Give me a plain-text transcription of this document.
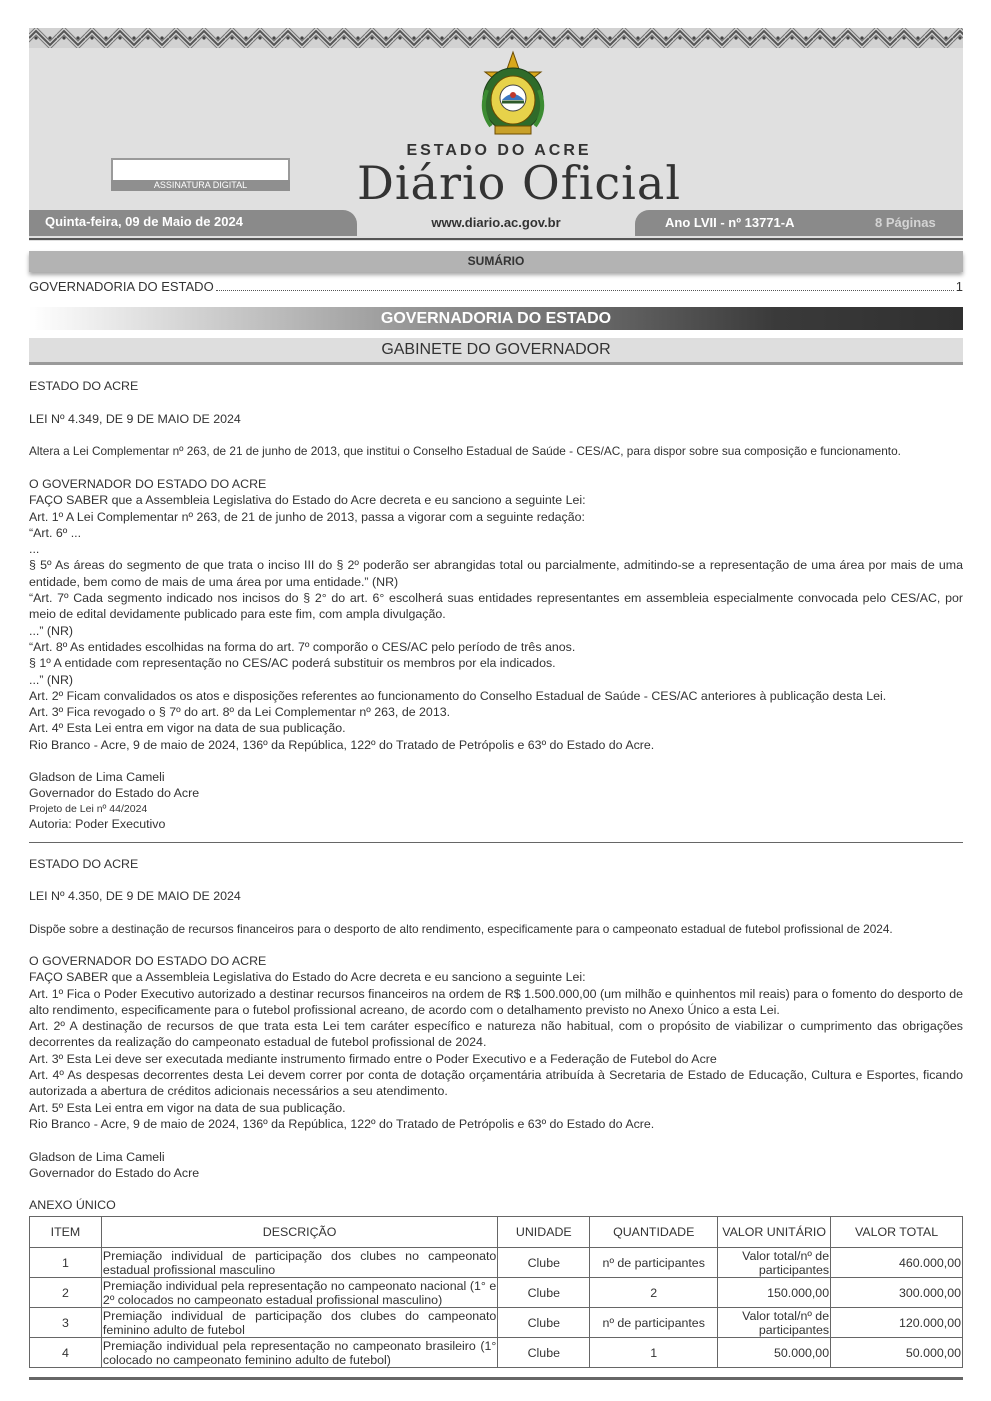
ASSINATURA DIGITAL
ESTADO DO ACRE
Diário Oficial
Quinta-feira, 09 de Maio de 2024	www.diario.ac.gov.br	Ano LVII - nº 13771-A	8 Páginas
SUMÁRIO
GOVERNADORIA DO ESTADO	1
GOVERNADORIA DO ESTADO
GABINETE DO GOVERNADOR
ESTADO DO ACRE
LEI Nº 4.349, DE 9 DE MAIO DE 2024
Altera a Lei Complementar nº 263, de 21 de junho de 2013, que institui o Conselho Estadual de Saúde - CES/AC, para dispor sobre sua composição e funcionamento.

O GOVERNADOR DO ESTADO DO ACRE

FAÇO SABER que a Assembleia Legislativa do Estado do Acre decreta e eu sanciono a seguinte Lei:

Art. 1º A Lei Complementar nº 263, de 21 de junho de 2013, passa a vigorar com a seguinte redação:

“Art. 6º ...

...

§ 5º As áreas do segmento de que trata o inciso III do § 2º poderão ser abrangidas total ou parcialmente, admitindo-se a representação de uma área por mais de uma entidade, bem como de mais de uma área por uma entidade.” (NR)

“Art. 7º Cada segmento indicado nos incisos do § 2° do art. 6° escolherá suas entidades representantes em assembleia especialmente convocada pelo CES/AC, por meio de edital devidamente publicado para este fim, com ampla divulgação.

...” (NR)

“Art. 8º As entidades escolhidas na forma do art. 7º comporão o CES/AC pelo período de três anos.

§ 1º A entidade com representação no CES/AC poderá substituir os membros por ela indicados.

...” (NR)

Art. 2º Ficam convalidados os atos e disposições referentes ao funcionamento do Conselho Estadual de Saúde - CES/AC anteriores à publicação desta Lei.

Art. 3º Fica revogado o § 7º do art. 8º da Lei Complementar nº 263, de 2013.

Art. 4º Esta Lei entra em vigor na data de sua publicação.

Rio Branco - Acre, 9 de maio de 2024, 136º da República, 122º do Tratado de Petrópolis e 63º do Estado do Acre.

Gladson de Lima Cameli

Governador do Estado do Acre

Projeto de Lei nº 44/2024

Autoria: Poder Executivo

ESTADO DO ACRE
LEI Nº 4.350, DE 9 DE MAIO DE 2024
Dispõe sobre a destinação de recursos financeiros para o desporto de alto rendimento, especificamente para o campeonato estadual de futebol profissional de 2024.

O GOVERNADOR DO ESTADO DO ACRE

FAÇO SABER que a Assembleia Legislativa do Estado do Acre decreta e eu sanciono a seguinte Lei:

Art. 1º Fica o Poder Executivo autorizado a destinar recursos financeiros na ordem de R$ 1.500.000,00 (um milhão e quinhentos mil reais) para o fomento do desporto de alto rendimento, especificamente para o futebol profissional acreano, de acordo com o detalhamento previsto no Anexo Único a esta Lei.

Art. 2º A destinação de recursos de que trata esta Lei tem caráter específico e natureza não habitual, com o propósito de viabilizar o cumprimento das obrigações decorrentes da realização do campeonato estadual de futebol profissional de 2024.

Art. 3º Esta Lei deve ser executada mediante instrumento firmado entre o Poder Executivo e a Federação de Futebol do Acre

Art. 4º As despesas decorrentes desta Lei devem correr por conta de dotação orçamentária atribuída à Secretaria de Estado de Educação, Cultura e Esportes, ficando autorizada a abertura de créditos adicionais necessários a seu atendimento.

Art. 5º Esta Lei entra em vigor na data de sua publicação.

Rio Branco - Acre, 9 de maio de 2024, 136º da República, 122º do Tratado de Petrópolis e 63º do Estado do Acre.

Gladson de Lima Cameli

Governador do Estado do Acre

ANEXO ÚNICO
ITEM	DESCRIÇÃO	UNIDADE	QUANTIDADE	VALOR UNITÁRIO	VALOR TOTAL
1	Premiação individual de participação dos clubes no campeonato estadual profissional masculino	Clube	nº de participantes	Valor total/nº de participantes	460.000,00
2	Premiação individual pela representação no campeonato nacional (1° e 2º colocados no campeonato estadual profissional masculino)	Clube	2	150.000,00	300.000,00
3	Premiação individual de participação dos clubes do campeonato feminino adulto de futebol	Clube	nº de participantes	Valor total/nº de participantes	120.000,00
4	Premiação individual pela representação no campeonato brasileiro (1° colocado no campeonato feminino adulto de futebol)	Clube	1	50.000,00	50.000,00
